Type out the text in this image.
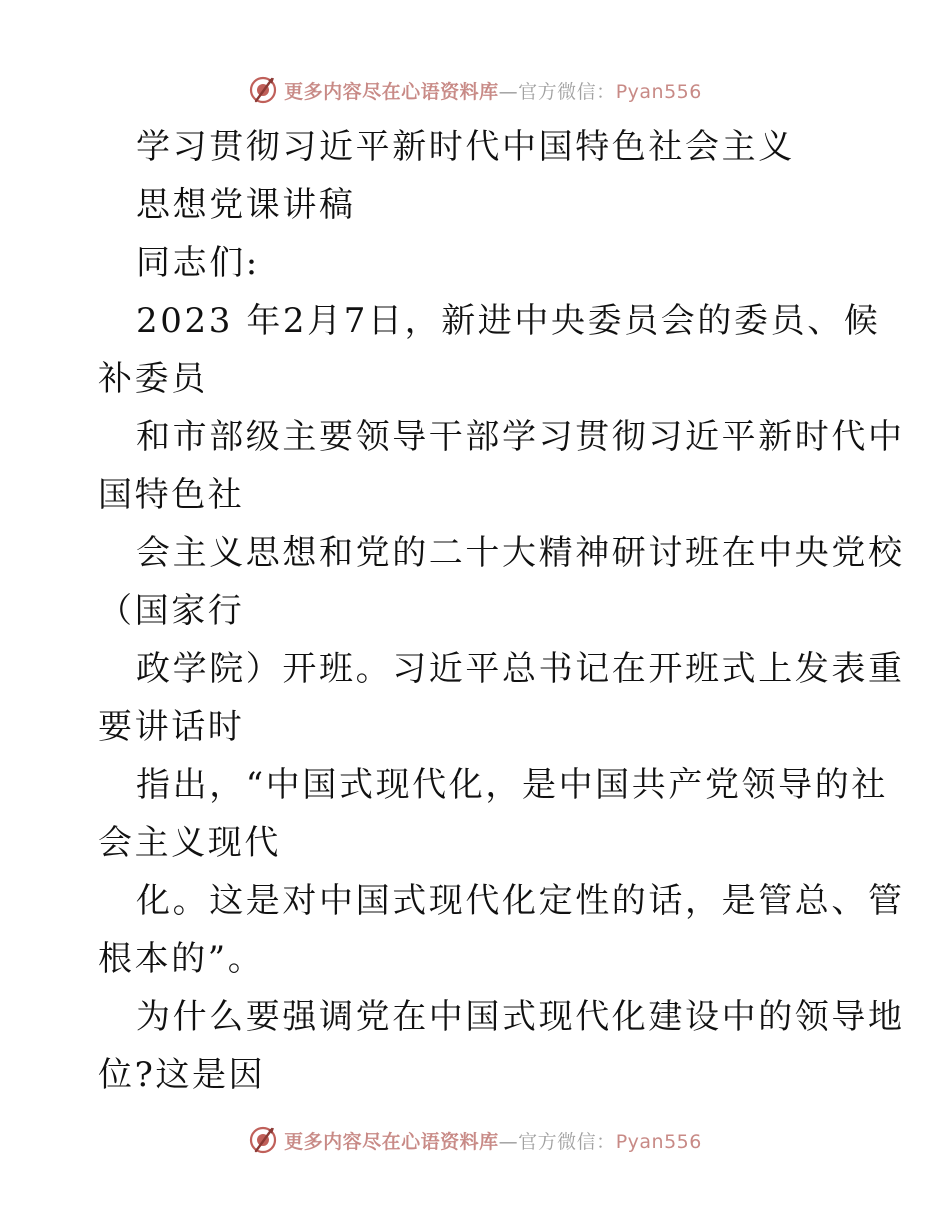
更多内容尽在心语资料库—官方微信：Pyan556
学习贯彻习近平新时代中国特色社会主义
思想党课讲稿
同志们:
2023 年2月7日，新进中央委员会的委员、候
补委员
和市部级主要领导干部学习贯彻习近平新时代中
国特色社
会主义思想和党的二十大精神研讨班在中央党校
（国家行
政学院）开班。习近平总书记在开班式上发表重
要讲话时
指出，“中国式现代化，是中国共产党领导的社
会主义现代
化。这是对中国式现代化定性的话，是管总、管
根本的”。
为什么要强调党在中国式现代化建设中的领导地
位?这是因
更多内容尽在心语资料库—官方微信：Pyan556
